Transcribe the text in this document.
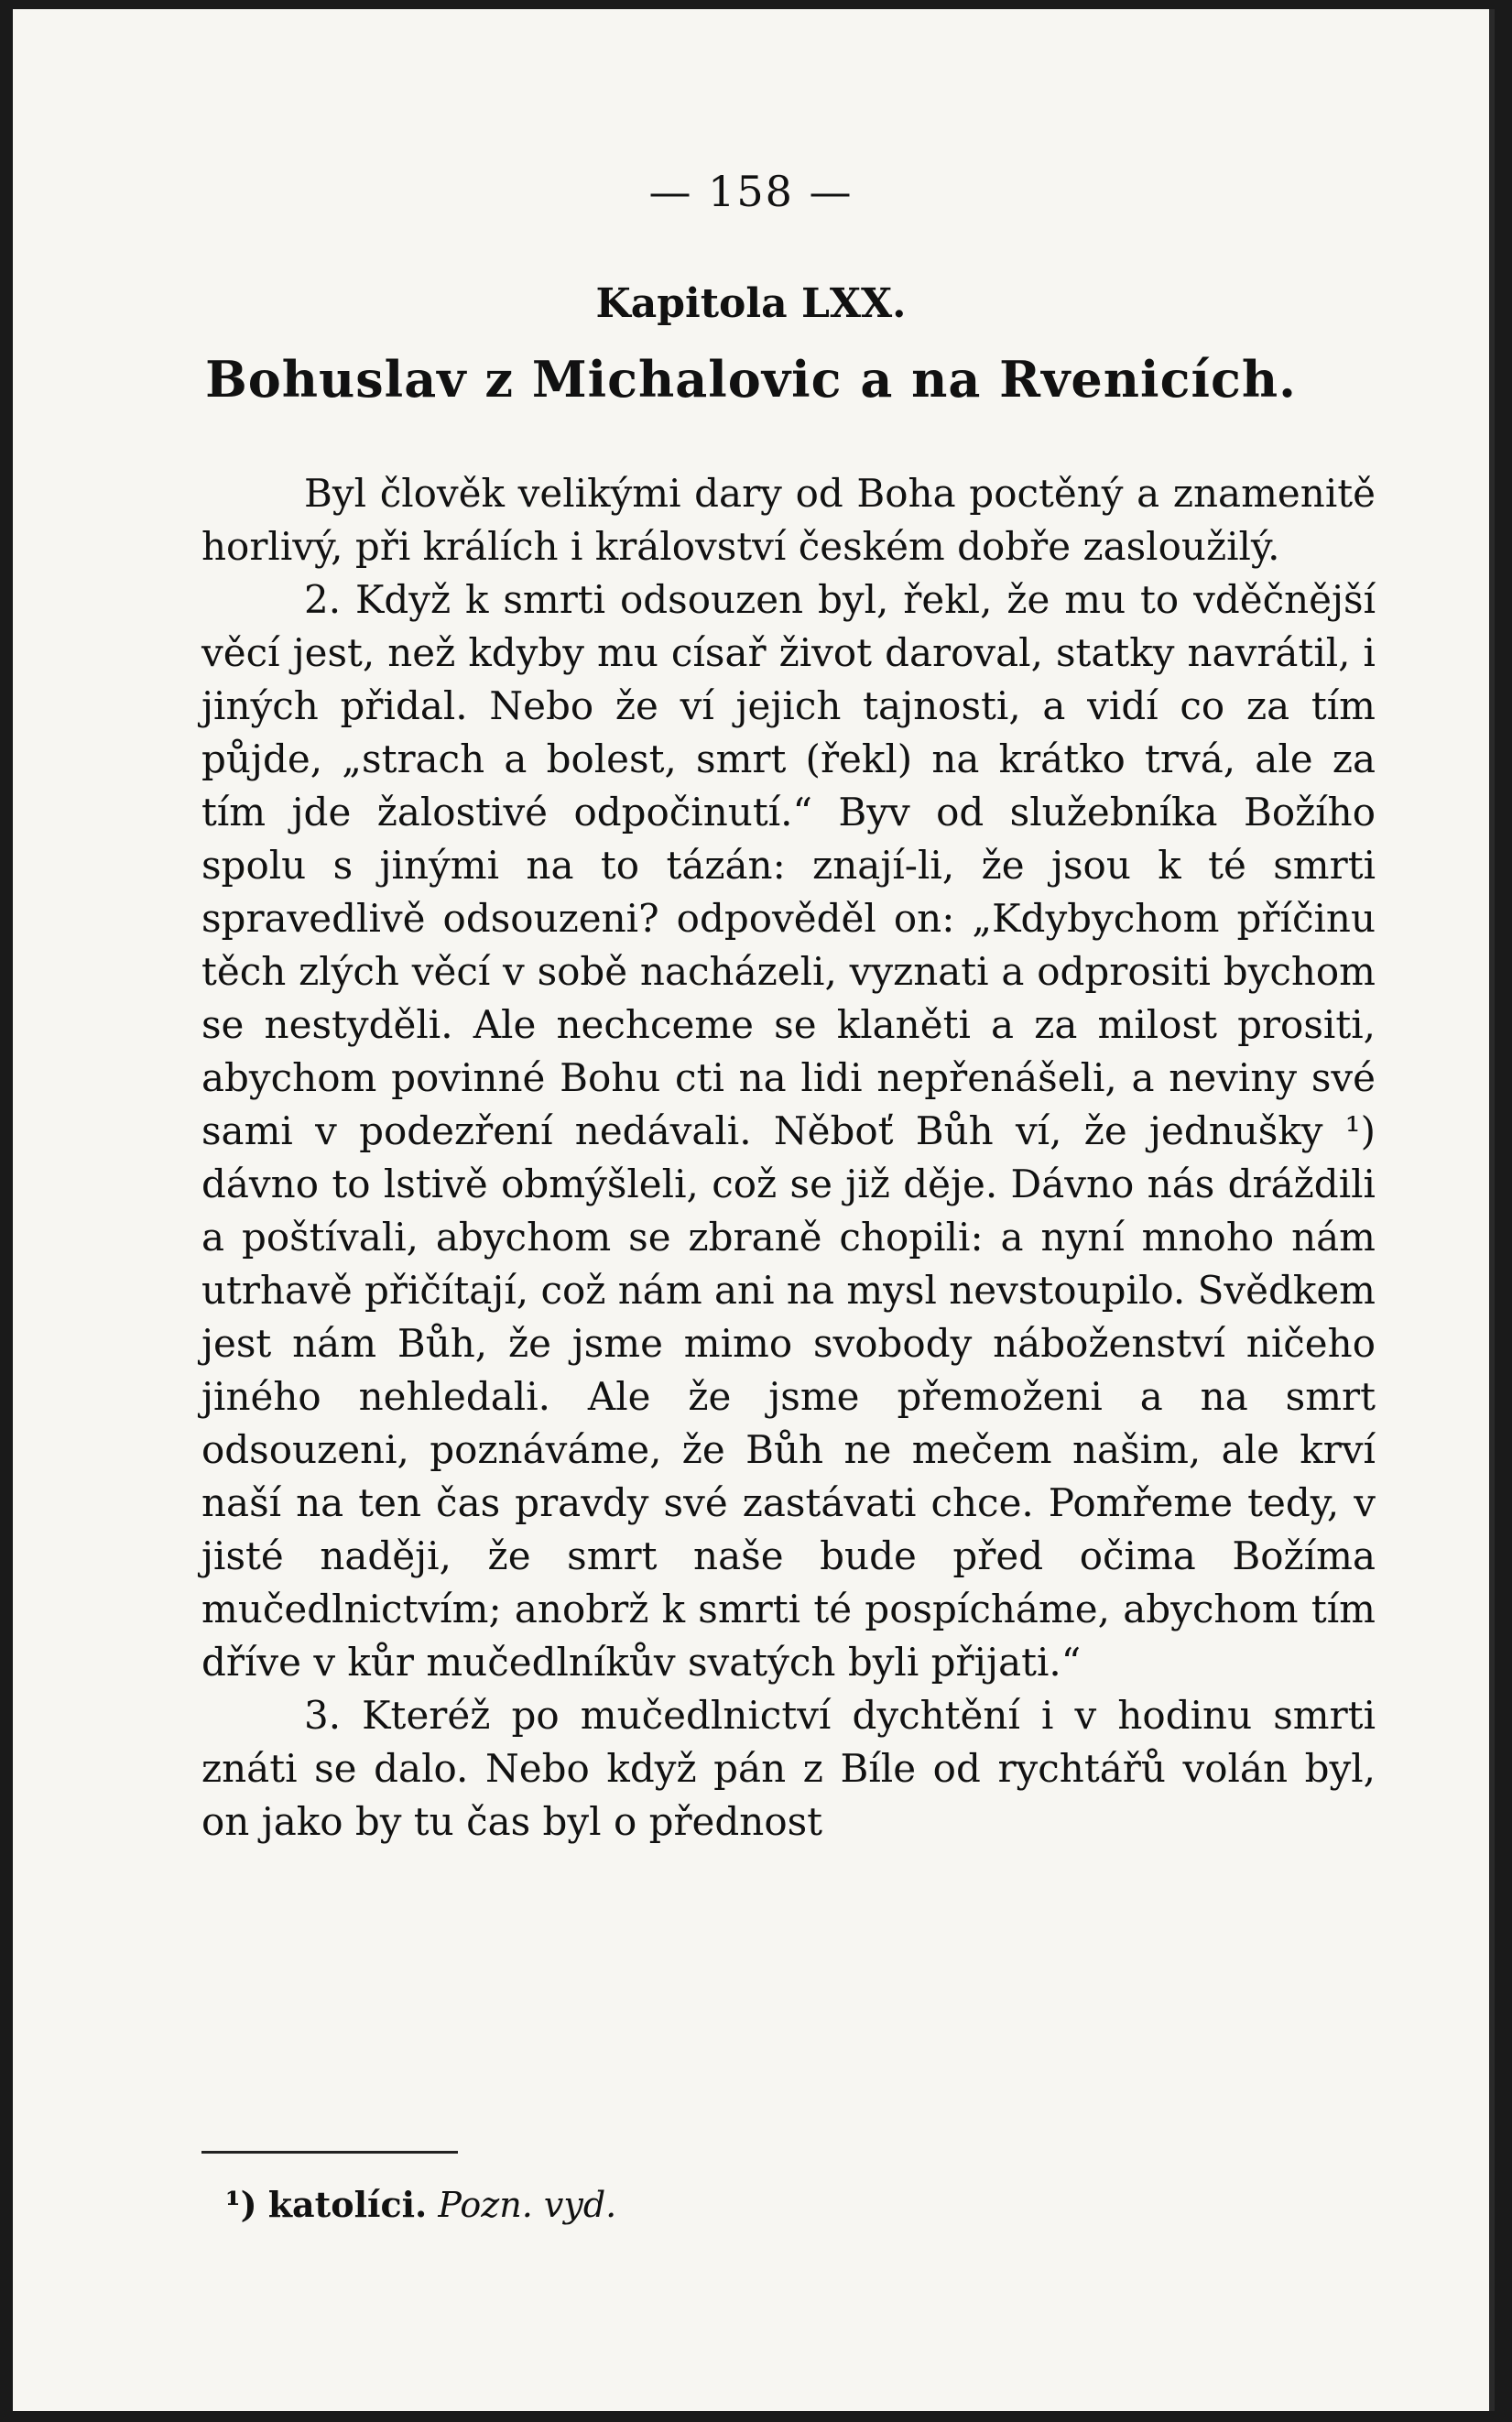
— 158 —
Kapitola LXX.
Bohuslav z Michalovic a na Rvenicích.

Byl člověk velikými dary od Boha poctěný a znamenitě horlivý, při králích i království českém dobře zasloužilý.

2. Když k smrti odsouzen byl, řekl, že mu to vděčnější věcí jest, než kdyby mu císař život daroval, statky navrátil, i jiných přidal. Nebo že ví jejich tajnosti, a vidí co za tím půjde, „strach a bolest, smrt (řekl) na krátko trvá, ale za tím jde žalostivé odpočinutí.“ Byv od služebníka Božího spolu s jinými na to tázán: znají-li, že jsou k té smrti spravedlivě odsouzeni? odpověděl on: „Kdybychom příčinu těch zlých věcí v sobě nacházeli, vyznati a odprositi bychom se nestyděli. Ale nechceme se klaněti a za milost prositi, abychom povinné Bohu cti na lidi nepřenášeli, a neviny své sami v podezření nedávali. Něboť Bůh ví, že jednušky ¹) dávno to lstivě obmýšleli, což se již děje. Dávno nás dráždili a poštívali, abychom se zbraně chopili: a nyní mnoho nám utrhavě přičítají, což nám ani na mysl nevstoupilo. Svědkem jest nám Bůh, že jsme mimo svobody náboženství ničeho jiného nehledali. Ale že jsme přemoženi a na smrt odsouzeni, poznáváme, že Bůh ne mečem našim, ale krví naší na ten čas pravdy své zastávati chce. Pomřeme tedy, v jisté naději, že smrt naše bude před očima Božíma mučedlnictvím; anobrž k smrti té pospícháme, abychom tím dříve v kůr mučedlníkův svatých byli přijati.“

3. Kteréž po mučedlnictví dychtění i v hodinu smrti znáti se dalo. Nebo když pán z Bíle od rychtářů volán byl, on jako by tu čas byl o přednost

¹) katolíci. Pozn. vyd.
